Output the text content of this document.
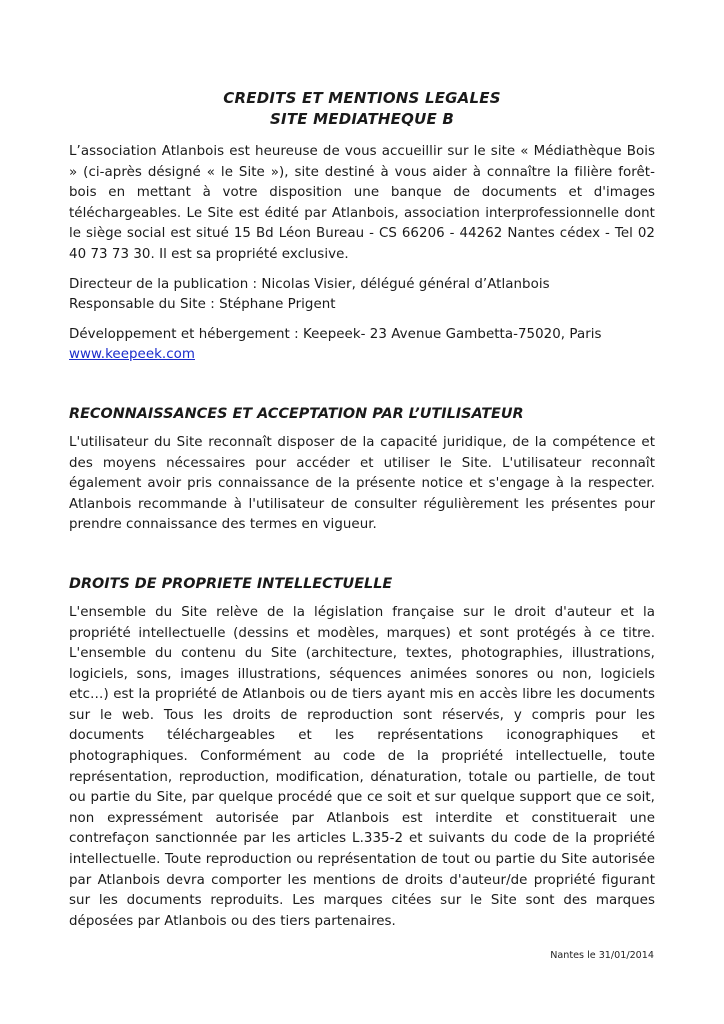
CREDITS ET MENTIONS LEGALES
SITE MEDIATHEQUE B

L’association Atlanbois est heureuse de vous accueillir sur le site « Médiathèque Bois » (ci-après désigné « le Site »), site destiné à vous aider à connaître la filière forêt-bois en mettant à votre disposition une banque de documents et d'images téléchargeables. Le Site est édité par Atlanbois, association interprofessionnelle dont le siège social est situé 15 Bd Léon Bureau - CS 66206 - 44262 Nantes cédex - Tel 02 40 73 73 30. Il est sa propriété exclusive.

Directeur de la publication : Nicolas Visier, délégué général d’Atlanbois
Responsable du Site : Stéphane Prigent

Développement et hébergement : Keepeek- 23 Avenue Gambetta-75020, Paris
www.keepeek.com

RECONNAISSANCES ET ACCEPTATION PAR L’UTILISATEUR

L'utilisateur du Site reconnaît disposer de la capacité juridique, de la compétence et des moyens nécessaires pour accéder et utiliser le Site. L'utilisateur reconnaît également avoir pris connaissance de la présente notice et s'engage à la respecter. Atlanbois recommande à l'utilisateur de consulter régulièrement les présentes pour prendre connaissance des termes en vigueur.

DROITS DE PROPRIETE INTELLECTUELLE

L'ensemble du Site relève de la législation française sur le droit d'auteur et la propriété intellectuelle (dessins et modèles, marques) et sont protégés à ce titre. L'ensemble du contenu du Site (architecture, textes, photographies, illustrations, logiciels, sons, images illustrations, séquences animées sonores ou non, logiciels etc…) est la propriété de Atlanbois ou de tiers ayant mis en accès libre les documents sur le web. Tous les droits de reproduction sont réservés, y compris pour les documents téléchargeables et les représentations iconographiques et photographiques. Conformément au code de la propriété intellectuelle, toute représentation, reproduction, modification, dénaturation, totale ou partielle, de tout ou partie du Site, par quelque procédé que ce soit et sur quelque support que ce soit, non expressément autorisée par Atlanbois est interdite et constituerait une contrefaçon sanctionnée par les articles L.335-2 et suivants du code de la propriété intellectuelle. Toute reproduction ou représentation de tout ou partie du Site autorisée par Atlanbois devra comporter les mentions de droits d'auteur/de propriété figurant sur les documents reproduits. Les marques citées sur le Site sont des marques déposées par Atlanbois ou des tiers partenaires.

Nantes le 31/01/2014
